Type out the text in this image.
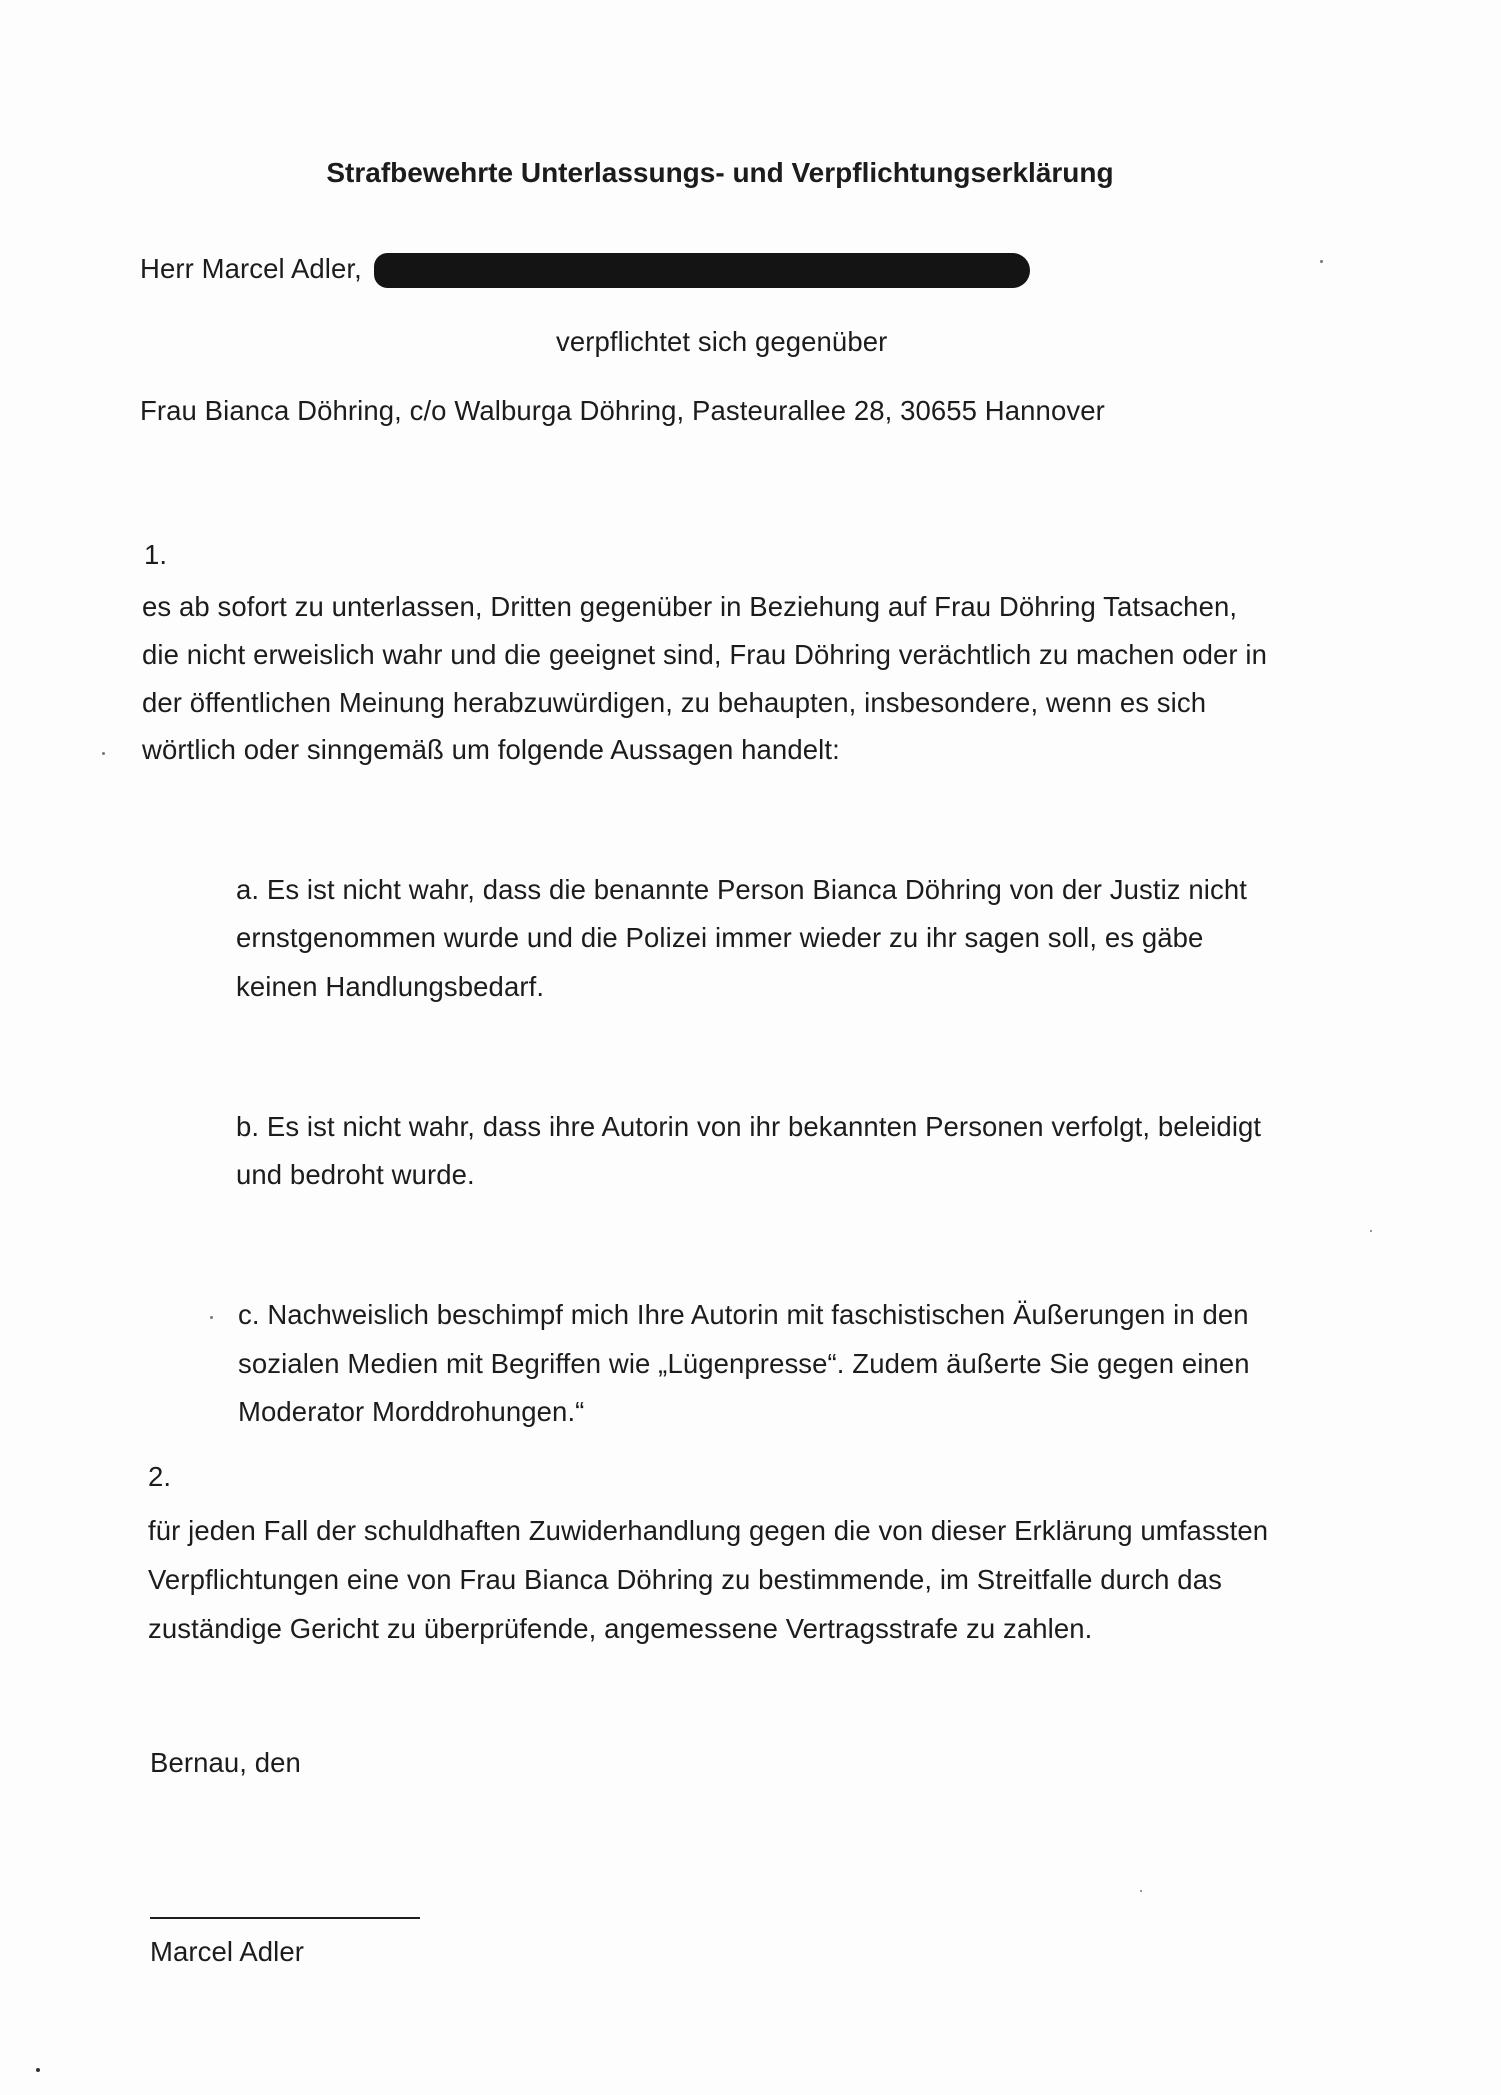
Strafbewehrte Unterlassungs- und Verpflichtungserklärung
Herr Marcel Adler,
verpflichtet sich gegenüber
Frau Bianca Döhring, c/o Walburga Döhring, Pasteurallee 28, 30655 Hannover
1.
es ab sofort zu unterlassen, Dritten gegenüber in Beziehung auf Frau Döhring Tatsachen,
die nicht erweislich wahr und die geeignet sind, Frau Döhring verächtlich zu machen oder in
der öffentlichen Meinung herabzuwürdigen, zu behaupten, insbesondere, wenn es sich
wörtlich oder sinngemäß um folgende Aussagen handelt:
a. Es ist nicht wahr, dass die benannte Person Bianca Döhring von der Justiz nicht
ernstgenommen wurde und die Polizei immer wieder zu ihr sagen soll, es gäbe
keinen Handlungsbedarf.
b. Es ist nicht wahr, dass ihre Autorin von ihr bekannten Personen verfolgt, beleidigt
und bedroht wurde.
c. Nachweislich beschimpf mich Ihre Autorin mit faschistischen Äußerungen in den
sozialen Medien mit Begriffen wie „Lügenpresse“. Zudem äußerte Sie gegen einen
Moderator Morddrohungen.“
2.
für jeden Fall der schuldhaften Zuwiderhandlung gegen die von dieser Erklärung umfassten
Verpflichtungen eine von Frau Bianca Döhring zu bestimmende, im Streitfalle durch das
zuständige Gericht zu überprüfende, angemessene Vertragsstrafe zu zahlen.
Bernau, den
Marcel Adler
